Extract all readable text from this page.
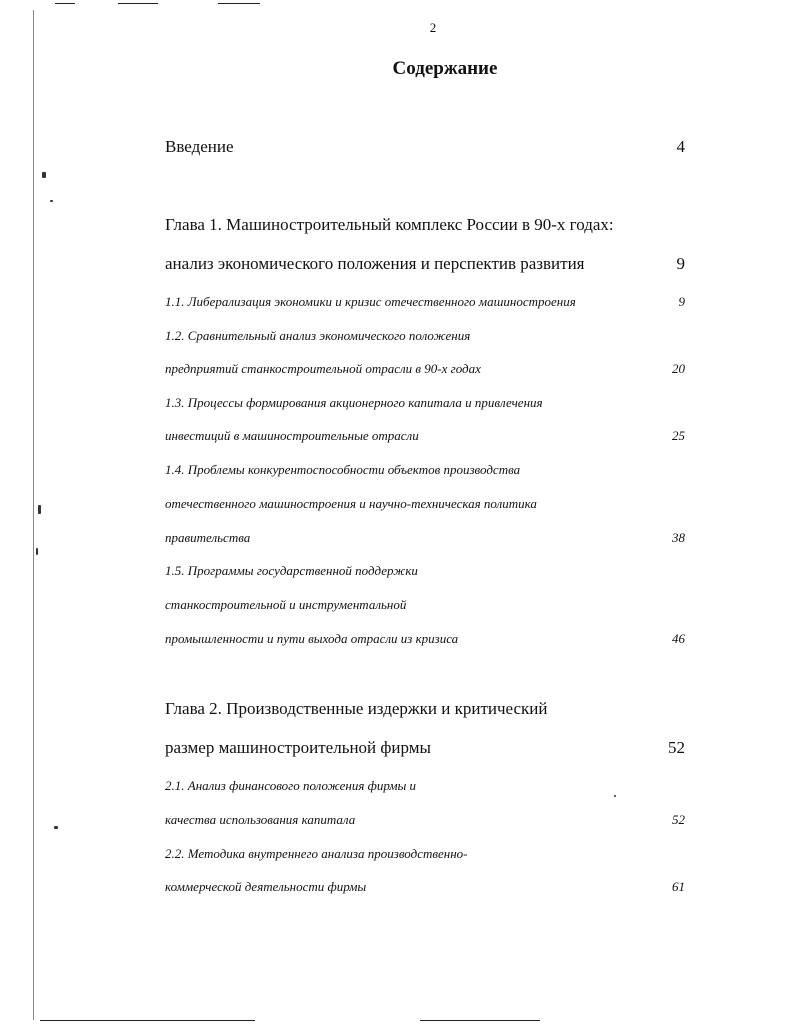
2
Содержание
Введение	4
Глава 1. Машиностроительный комплекс России в 90-х годах:
анализ экономического положения и перспектив развития	9
1.1. Либерализация экономики и кризис отечественного машиностроения	9
1.2. Сравнительный анализ экономического положения
предприятий станкостроительной отрасли в 90-х годах	20
1.3. Процессы формирования акционерного капитала и привлечения
инвестиций в машиностроительные отрасли	25
1.4. Проблемы конкурентоспособности объектов производства
отечественного машиностроения и научно-техническая политика
правительства	38
1.5. Программы государственной поддержки
станкостроительной и инструментальной
промышленности и пути выхода отрасли из кризиса	46
Глава 2. Производственные издержки и критический
размер машиностроительной фирмы	52
2.1. Анализ финансового положения фирмы и
качества использования капитала	52
2.2. Методика внутреннего анализа производственно-
коммерческой деятельности фирмы	61
